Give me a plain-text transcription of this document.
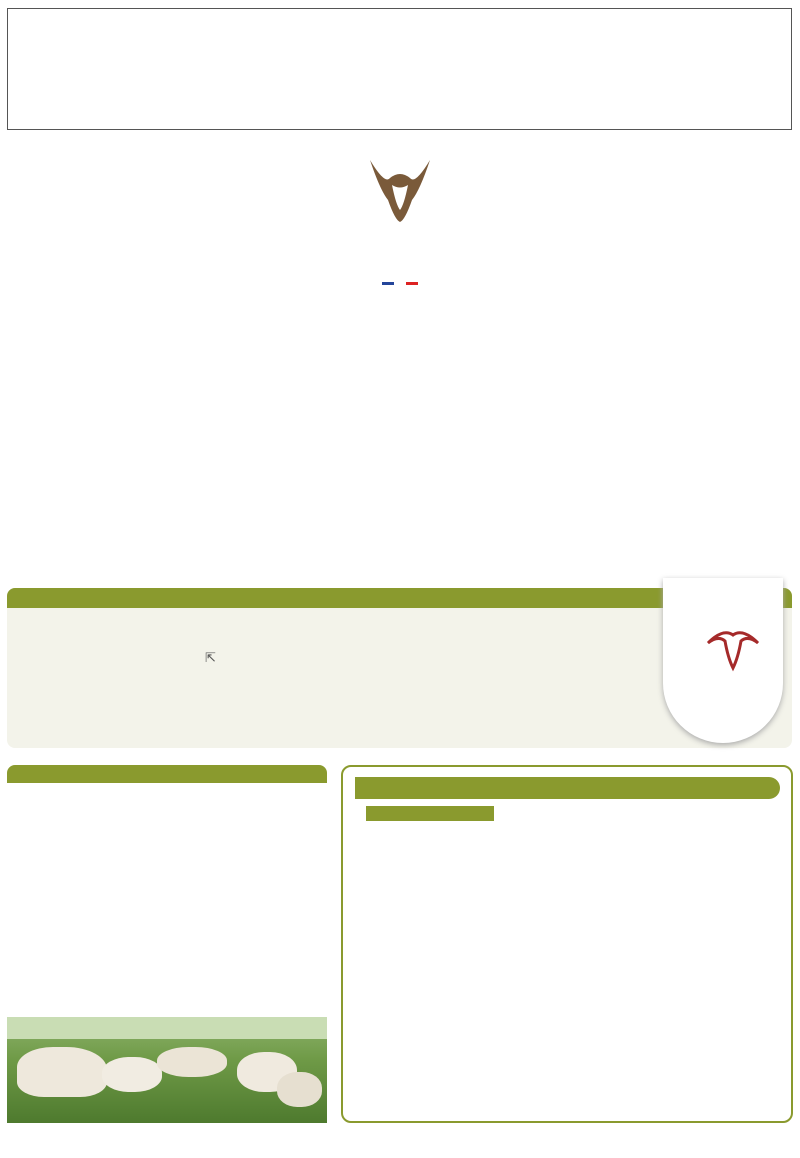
⇱
